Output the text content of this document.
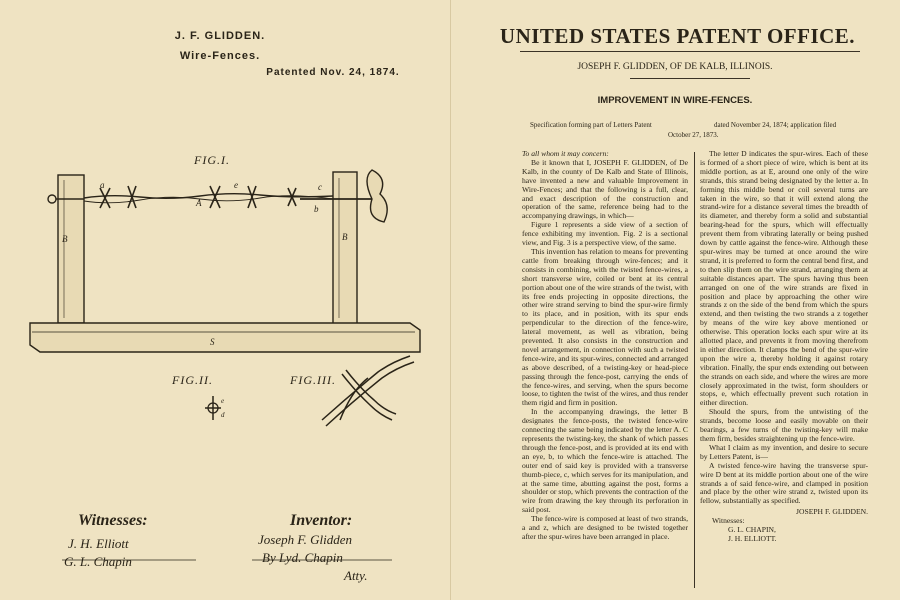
J. F. GLIDDEN.
Wire-Fences.
Patented Nov. 24, 1874.
FIG.I.
FIG.II.	FIG.III.
a
A
e	c
b
B	B
S
e
d
Witnesses:
J. H. Elliott
G. L. Chapin
Inventor:
Joseph F. Glidden
By Lyd. Chapin
Atty.
UNITED STATES PATENT OFFICE.
JOSEPH F. GLIDDEN, OF DE KALB, ILLINOIS.
IMPROVEMENT IN WIRE-FENCES.
Specification forming part of Letters Patent	dated November 24, 1874; application filed
October 27, 1873.

To all whom it may concern:

Be it known that I, JOSEPH F. GLIDDEN, of De Kalb, in the county of De Kalb and State of Illinois, have invented a new and valuable Improvement in Wire-Fences; and that the following is a full, clear, and exact description of the construction and operation of the same, reference being had to the accompanying drawings, in which—

Figure 1 represents a side view of a section of fence exhibiting my invention. Fig. 2 is a sectional view, and Fig. 3 is a perspective view, of the same.

This invention has relation to means for preventing cattle from breaking through wire-fences; and it consists in combining, with the twisted fence-wires, a short transverse wire, coiled or bent at its central portion about one of the wire strands of the twist, with its free ends projecting in opposite directions, the other wire strand serving to bind the spur-wire firmly to its place, and in position, with its spur ends perpendicular to the direction of the fence-wire, lateral movement, as well as vibration, being prevented. It also consists in the construction and novel arrangement, in connection with such a twisted fence-wire, and its spur-wires, connected and arranged as above described, of a twisting-key or head-piece passing through the fence-post, carrying the ends of the fence-wires, and serving, when the spurs become loose, to tighten the twist of the wires, and thus render them rigid and firm in position.

In the accompanying drawings, the letter B designates the fence-posts, the twisted fence-wire connecting the same being indicated by the letter A. C represents the twisting-key, the shank of which passes through the fence-post, and is provided at its end with an eye, b, to which the fence-wire is attached. The outer end of said key is provided with a transverse thumb-piece, c, which serves for its manipulation, and at the same time, abutting against the post, forms a shoulder or stop, which prevents the contraction of the wire from drawing the key through its perforation in said post.

The fence-wire is composed at least of two strands, a and z, which are designed to be twisted together after the spur-wires have been arranged in place.

The letter D indicates the spur-wires. Each of these is formed of a short piece of wire, which is bent at its middle portion, as at E, around one only of the wire strands, this strand being designated by the letter a. In forming this middle bend or coil several turns are taken in the wire, so that it will extend along the strand-wire for a distance several times the breadth of its diameter, and thereby form a solid and substantial bearing-head for the spurs, which will effectually prevent them from vibrating laterally or being pushed down by cattle against the fence-wire. Although these spur-wires may be turned at once around the wire strand, it is preferred to form the central bend first, and to then slip them on the wire strand, arranging them at suitable distances apart. The spurs having thus been arranged on one of the wire strands are fixed in position and place by approaching the other wire strands z on the side of the bend from which the spurs extend, and then twisting the two strands a z together by means of the wire key above mentioned or otherwise. This operation locks each spur wire at its allotted place, and prevents it from moving therefrom in either direction. It clamps the bend of the spur-wire upon the wire a, thereby holding it against rotary vibration. Finally, the spur ends extending out between the strands on each side, and where the wires are more closely approximated in the twist, form shoulders or stops, e, which effectually prevent such rotation in either direction.

Should the spurs, from the untwisting of the strands, become loose and easily movable on their bearings, a few turns of the twisting-key will make them firm, besides straightening up the fence-wire.

What I claim as my invention, and desire to secure by Letters Patent, is—

A twisted fence-wire having the transverse spur-wire D bent at its middle portion about one of the wire strands a of said fence-wire, and clamped in position and place by the other wire strand z, twisted upon its fellow, substantially as specified.

JOSEPH F. GLIDDEN.

Witnesses:

G. L. CHAPIN,

J. H. ELLIOTT.
